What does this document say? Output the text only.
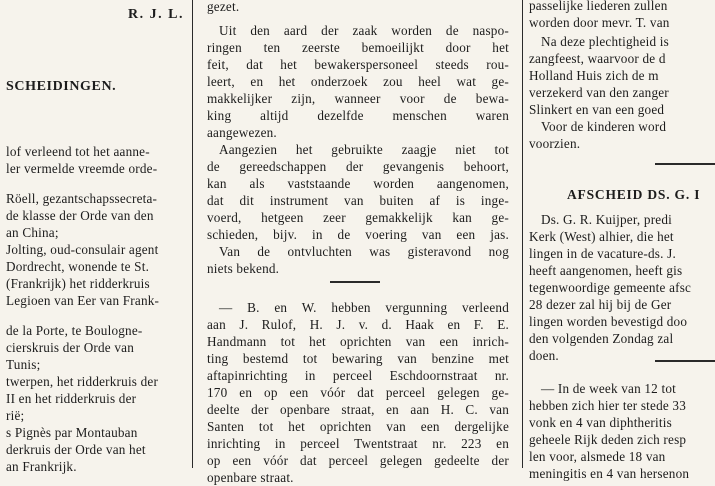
R. J. L.
SCHEIDINGEN.
lof verleend tot het aanne-
ler vermelde vreemde orde-
Röell, gezantschapssecreta-
de klasse der Orde van den
an China;
Jolting, oud-consulair agent
Dordrecht, wonende te St.
(Frankrijk) het ridderkruis
Legioen van Eer van Frank-
de la Porte, te Boulogne-
cierskruis der Orde van
Tunis;
twerpen, het ridderkruis der
II en het ridderkruis der
rië;
s Pignès par Montauban
derkruis der Orde van het
an Frankrijk.
gezet.
Uit den aard der zaak worden de naspo-
ringen ten zeerste bemoeilijkt door het
feit, dat het bewakerspersoneel steeds rou-
leert, en het onderzoek zou heel wat ge-
makkelijker zijn, wanneer voor de bewa-
king altijd dezelfde menschen waren
aangewezen.
Aangezien het gebruikte zaagje niet tot
de gereedschappen der gevangenis behoort,
kan als vaststaande worden aangenomen,
dat dit instrument van buiten af is inge-
voerd, hetgeen zeer gemakkelijk kan ge-
schieden, bijv. in de voering van een jas.
Van de ontvluchten was gisteravond nog
niets bekend.
— B. en W. hebben vergunning verleend
aan J. Rulof, H. J. v. d. Haak en F. E.
Handmann tot het oprichten van een inrich-
ting bestemd tot bewaring van benzine met
aftapinrichting in perceel Eschdoornstraat nr.
170 en op een vóór dat perceel gelegen ge-
deelte der openbare straat, en aan H. C. van
Santen tot het oprichten van een dergelijke
inrichting in perceel Twentstraat nr. 223 en
op een vóór dat perceel gelegen gedeelte der
openbare straat.
passelijke liederen zullen
worden door mevr. T. van
Na deze plechtigheid is
zangfeest, waarvoor de d
Holland Huis zich de m
verzekerd van den zanger
Slinkert en van een goed
Voor de kinderen word
voorzien.
AFSCHEID DS. G. I
Ds. G. R. Kuijper, predi
Kerk (West) alhier, die het
lingen in de vacature-ds. J.
heeft aangenomen, heeft gis
tegenwoordige gemeente afsc
28 dezer zal hij bij de Ger
lingen worden bevestigd doo
den volgenden Zondag zal
doen.
— In de week van 12 tot
hebben zich hier ter stede 33
vonk en 4 van diphtheritis
geheele Rijk deden zich resp
len voor, alsmede 18 van
meningitis en 4 van hersenon
